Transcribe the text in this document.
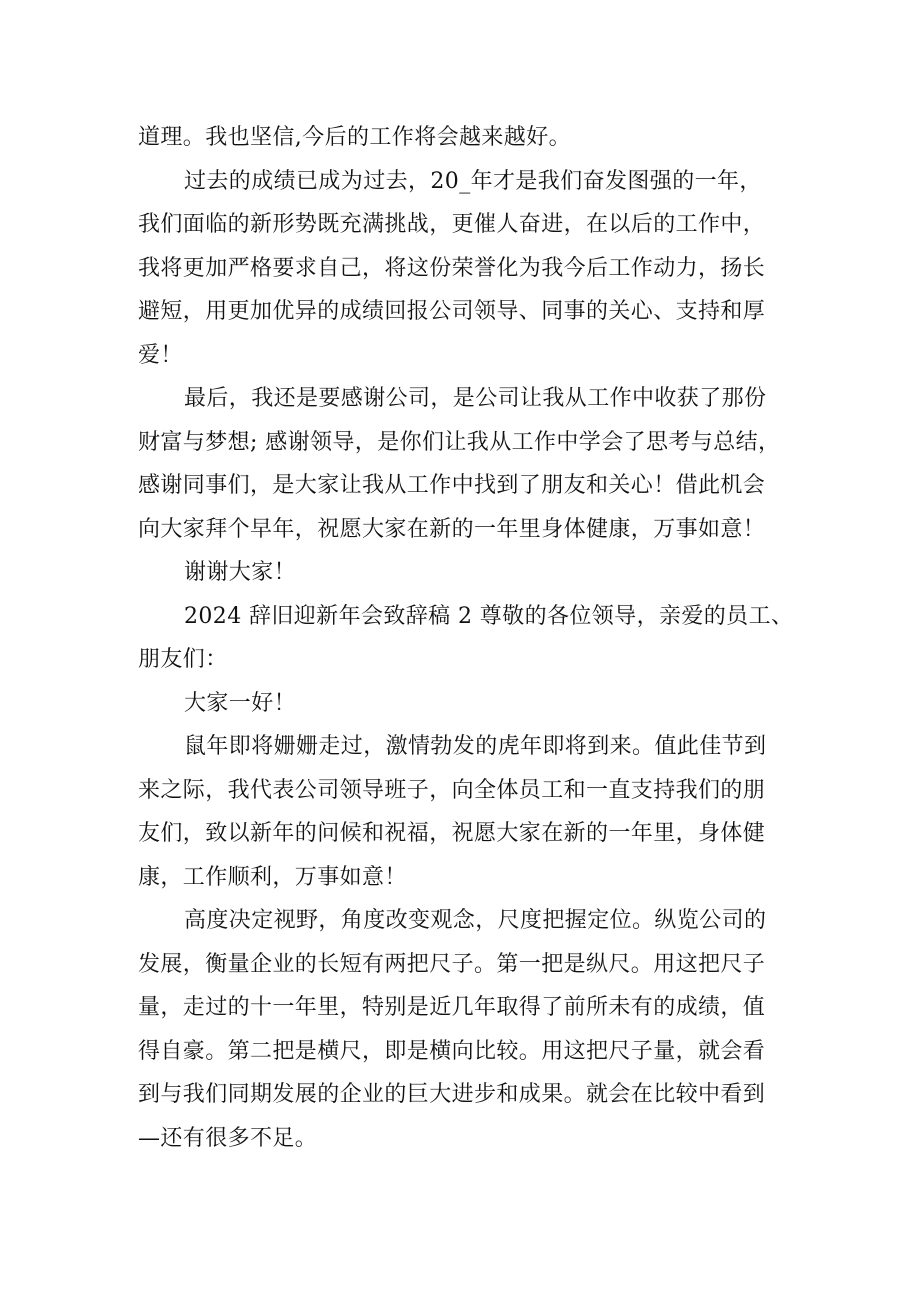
道理。我也坚信,今后的工作将会越来越好。
过去的成绩已成为过去，20_年才是我们奋发图强的一年，
我们面临的新形势既充满挑战，更催人奋进，在以后的工作中，
我将更加严格要求自己，将这份荣誉化为我今后工作动力，扬长
避短，用更加优异的成绩回报公司领导、同事的关心、支持和厚
爱！
最后，我还是要感谢公司，是公司让我从工作中收获了那份
财富与梦想; 感谢领导，是你们让我从工作中学会了思考与总结，
感谢同事们，是大家让我从工作中找到了朋友和关心！借此机会
向大家拜个早年，祝愿大家在新的一年里身体健康，万事如意！
谢谢大家！
2024 辞旧迎新年会致辞稿 2 尊敬的各位领导，亲爱的员工、
朋友们：
大家一好！
鼠年即将姗姗走过，激情勃发的虎年即将到来。值此佳节到
来之际，我代表公司领导班子，向全体员工和一直支持我们的朋
友们，致以新年的问候和祝福，祝愿大家在新的一年里，身体健
康，工作顺利，万事如意！
高度决定视野，角度改变观念，尺度把握定位。纵览公司的
发展，衡量企业的长短有两把尺子。第一把是纵尺。用这把尺子
量，走过的十一年里，特别是近几年取得了前所未有的成绩，值
得自豪。第二把是横尺，即是横向比较。用这把尺子量，就会看
到与我们同期发展的企业的巨大进步和成果。就会在比较中看到
—还有很多不足。
